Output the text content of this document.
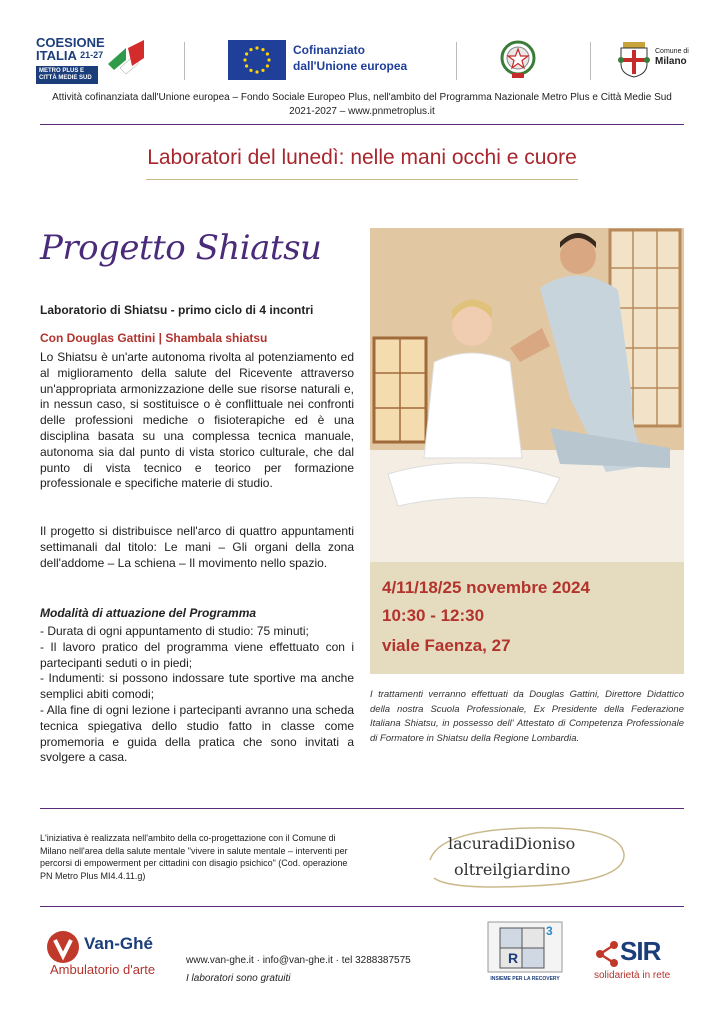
COESIONE
ITALIA $^{21-27}$
METRO PLUS E CITTÀ MEDIE SUD
Cofinanziato
dall'Unione europea
Comune di
Milano
Attività cofinanziata dall'Unione europea – Fondo Sociale Europeo Plus, nell'ambito del Programma Nazionale Metro Plus e Città Medie Sud 2021-2027 – www.pnmetroplus.it
Laboratori del lunedì: nelle mani occhi e cuore
Progetto Shiatsu
Laboratorio di Shiatsu - primo ciclo di 4 incontri
Con Douglas Gattini | Shambala shiatsu
Lo Shiatsu è un'arte autonoma rivolta al potenziamento ed al miglioramento della salute del Ricevente attraverso un'appropriata armonizzazione delle sue risorse naturali e, in nessun caso, si sostituisce o è conflittuale nei confronti delle professioni mediche o fisioterapiche ed è una disciplina basata su una complessa tecnica manuale, autonoma sia dal punto di vista storico culturale, che dal punto di vista tecnico e teorico per formazione professionale e specifiche materie di studio.
Il progetto si distribuisce nell'arco di quattro appuntamenti settimanali dal titolo: Le mani – Gli organi della zona dell'addome – La schiena – Il movimento nello spazio.
Modalità di attuazione del Programma
- Durata di ogni appuntamento di studio: 75 minuti;
- Il lavoro pratico del programma viene effettuato con i partecipanti seduti o in piedi;
- Indumenti: si possono indossare tute sportive ma anche semplici abiti comodi;
- Alla fine di ogni lezione i partecipanti avranno una scheda tecnica spiegativa dello studio fatto in classe come promemoria e guida della pratica che sono invitati a svolgere a casa.
4/11/18/25 novembre 2024
10:30 - 12:30
viale Faenza, 27
I trattamenti verranno effettuati da Douglas Gattini, Direttore Didattico della nostra Scuola Professionale, Ex Presidente della Federazione Italiana Shiatsu, in possesso dell' Attestato di Competenza Professionale di Formatore in Shiatsu della Regione Lombardia.
L'iniziativa è realizzata nell'ambito della co-progettazione con il Comune di Milano nell'area della salute mentale "vivere in salute mentale – interventi per percorsi di empowerment per cittadini con disagio psichico" (Cod. operazione PN Metro Plus MI4.4.11.g)
lacuradiDioniso
oltreilgiardino
Van-Ghé
Ambulatorio d'arte
www.van-ghe.it · info@van-ghe.it · tel 3288387575
I laboratori sono gratuiti
R
3
INSIEME PER LA RECOVERY
SIR
solidarietà in rete
